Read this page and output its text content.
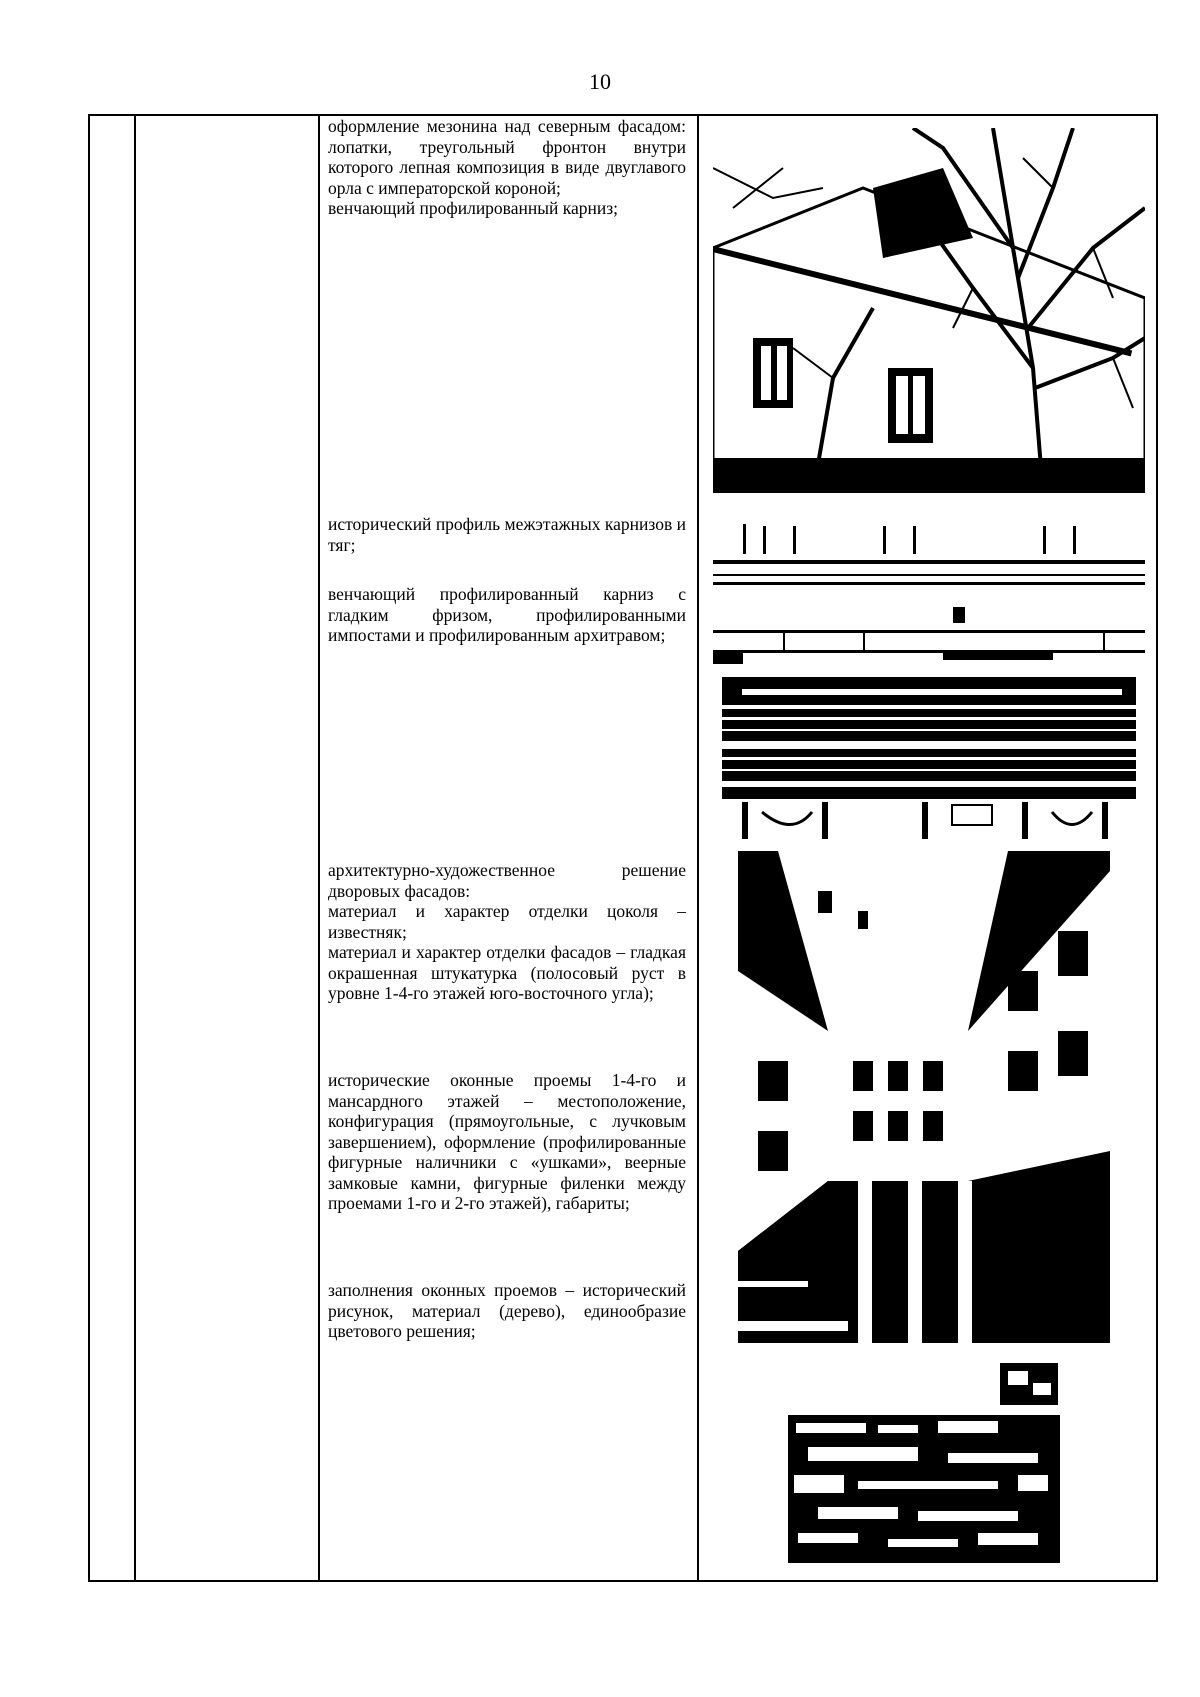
10

оформление мезонина над северным фасадом: лопатки, треугольный фронтон внутри которого лепная композиция в виде двуглавого орла с императорской короной;

венчающий профилированный карниз;

исторический профиль межэтажных карнизов и тяг;

венчающий профилированный карниз с гладким фризом, профилированными импостами и профилированным архитравом;

архитектурно-художественное решение дворовых фасадов:

материал и характер отделки цоколя – известняк;

материал и характер отделки фасадов – гладкая окрашенная штукатурка (полосовый руст в уровне 1-4-го этажей юго-восточного угла);

исторические оконные проемы 1-4-го и мансардного этажей – местоположение, конфигурация (прямоугольные, с лучковым завершением), оформление (профилированные фигурные наличники с «ушками», веерные замковые камни, фигурные филенки между проемами 1-го и 2-го этажей), габариты;

заполнения оконных проемов – исторический рисунок, материал (дерево), единообразие цветового решения;
